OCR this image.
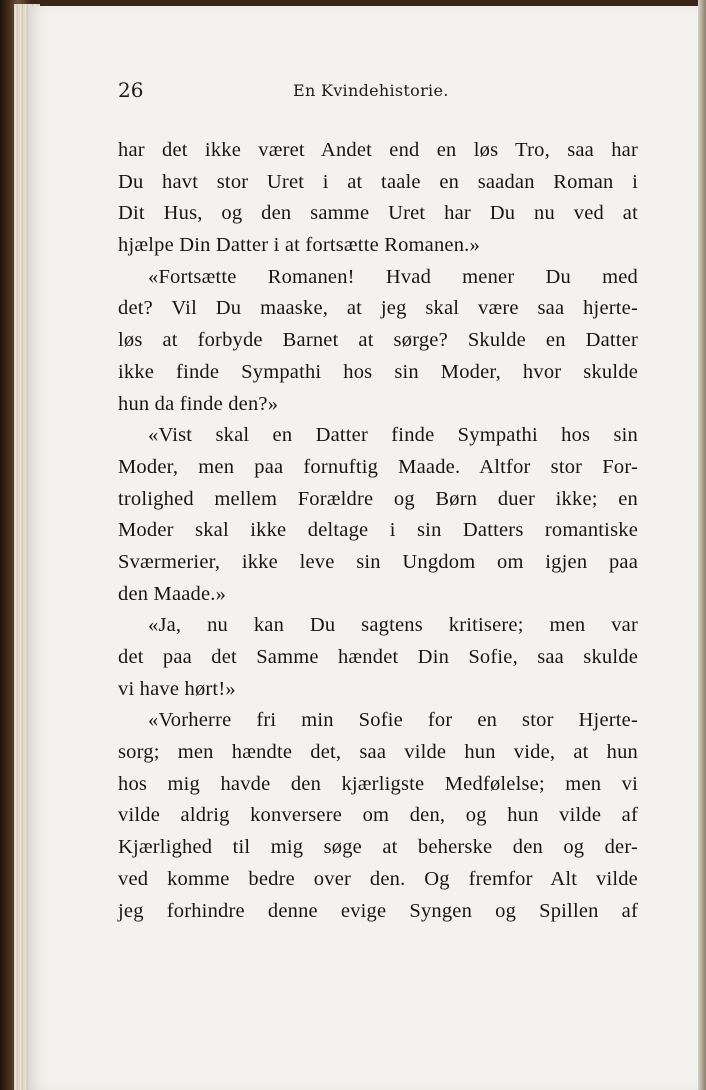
26	En Kvindehistorie.
har det ikke været Andet end en løs Tro, saa har
Du havt stor Uret i at taale en saadan Roman i
Dit Hus, og den samme Uret har Du nu ved at
hjælpe Din Datter i at fortsætte Romanen.»
«Fortsætte Romanen! Hvad mener Du med
det? Vil Du maaske, at jeg skal være saa hjerte-
løs at forbyde Barnet at sørge? Skulde en Datter
ikke finde Sympathi hos sin Moder, hvor skulde
hun da finde den?»
«Vist skal en Datter finde Sympathi hos sin
Moder, men paa fornuftig Maade. Altfor stor For-
trolighed mellem Forældre og Børn duer ikke; en
Moder skal ikke deltage i sin Datters romantiske
Sværmerier, ikke leve sin Ungdom om igjen paa
den Maade.»
«Ja, nu kan Du sagtens kritisere; men var
det paa det Samme hændet Din Sofie, saa skulde
vi have hørt!»
«Vorherre fri min Sofie for en stor Hjerte-
sorg; men hændte det, saa vilde hun vide, at hun
hos mig havde den kjærligste Medfølelse; men vi
vilde aldrig konversere om den, og hun vilde af
Kjærlighed til mig søge at beherske den og der-
ved komme bedre over den. Og fremfor Alt vilde
jeg forhindre denne evige Syngen og Spillen af
